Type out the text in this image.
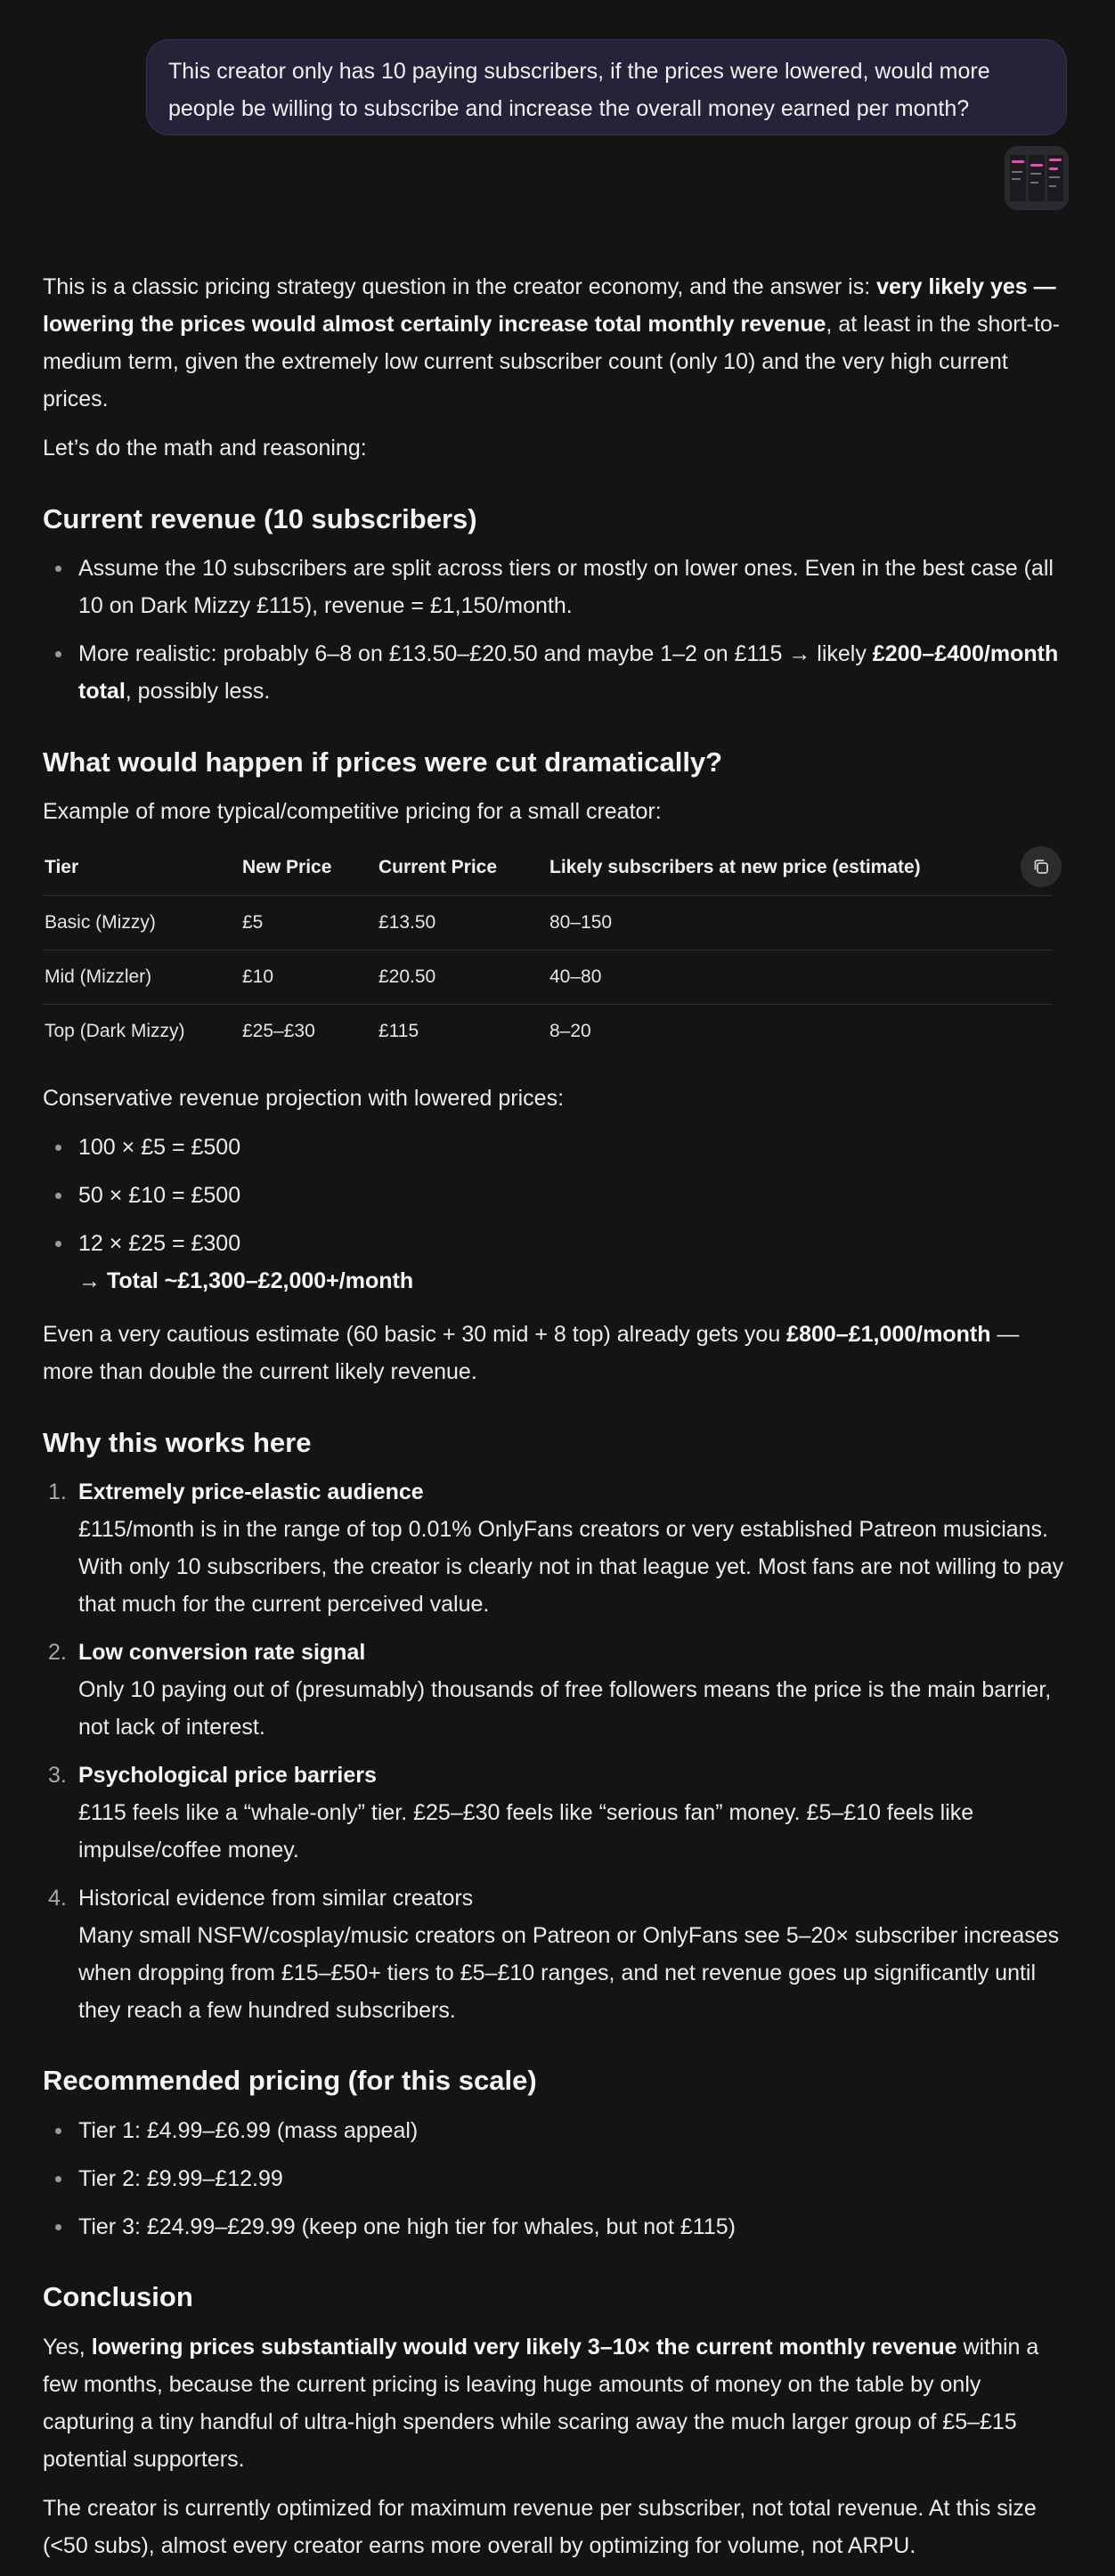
This creator only has 10 paying subscribers, if the prices were lowered, would more
people be willing to subscribe and increase the overall money earned per month?

This is a classic pricing strategy question in the creator economy, and the answer is: very likely yes — lowering the prices would almost certainly increase total monthly revenue, at least in the short-to-medium term, given the extremely low current subscriber count (only 10) and the very high current prices.

Let’s do the math and reasoning:

Current revenue (10 subscribers)
Assume the 10 subscribers are split across tiers or mostly on lower ones. Even in the best case (all 10 on Dark Mizzy £115), revenue = £1,150/month.
More realistic: probably 6–8 on £13.50–£20.50 and maybe 1–2 on £115 → likely £200–£400/month total, possibly less.
What would happen if prices were cut dramatically?

Example of more typical/competitive pricing for a small creator:

Tier	New Price	Current Price	Likely subscribers at new price (estimate)
Basic (Mizzy)	£5	£13.50	80–150
Mid (Mizzler)	£10	£20.50	40–80
Top (Dark Mizzy)	£25–£30	£115	8–20

Conservative revenue projection with lowered prices:

100 × £5 = £500
50 × £10 = £500
12 × £25 = £300
→ Total ~£1,300–£2,000+/month

Even a very cautious estimate (60 basic + 30 mid + 8 top) already gets you £800–£1,000/month — more than double the current likely revenue.

Why this works here
1. Extremely price-elastic audience
£115/month is in the range of top 0.01% OnlyFans creators or very established Patreon musicians. With only 10 subscribers, the creator is clearly not in that league yet. Most fans are not willing to pay that much for the current perceived value.
2. Low conversion rate signal
Only 10 paying out of (presumably) thousands of free followers means the price is the main barrier, not lack of interest.
3. Psychological price barriers
£115 feels like a “whale-only” tier. £25–£30 feels like “serious fan” money. £5–£10 feels like impulse/coffee money.
4. Historical evidence from similar creators
Many small NSFW/cosplay/music creators on Patreon or OnlyFans see 5–20× subscriber increases when dropping from £15–£50+ tiers to £5–£10 ranges, and net revenue goes up significantly until they reach a few hundred subscribers.
Recommended pricing (for this scale)
Tier 1: £4.99–£6.99 (mass appeal)
Tier 2: £9.99–£12.99
Tier 3: £24.99–£29.99 (keep one high tier for whales, but not £115)
Conclusion

Yes, lowering prices substantially would very likely 3–10× the current monthly revenue within a few months, because the current pricing is leaving huge amounts of money on the table by only capturing a tiny handful of ultra-high spenders while scaring away the much larger group of £5–£15 potential supporters.

The creator is currently optimized for maximum revenue per subscriber, not total revenue. At this size (<50 subs), almost every creator earns more overall by optimizing for volume, not ARPU.
